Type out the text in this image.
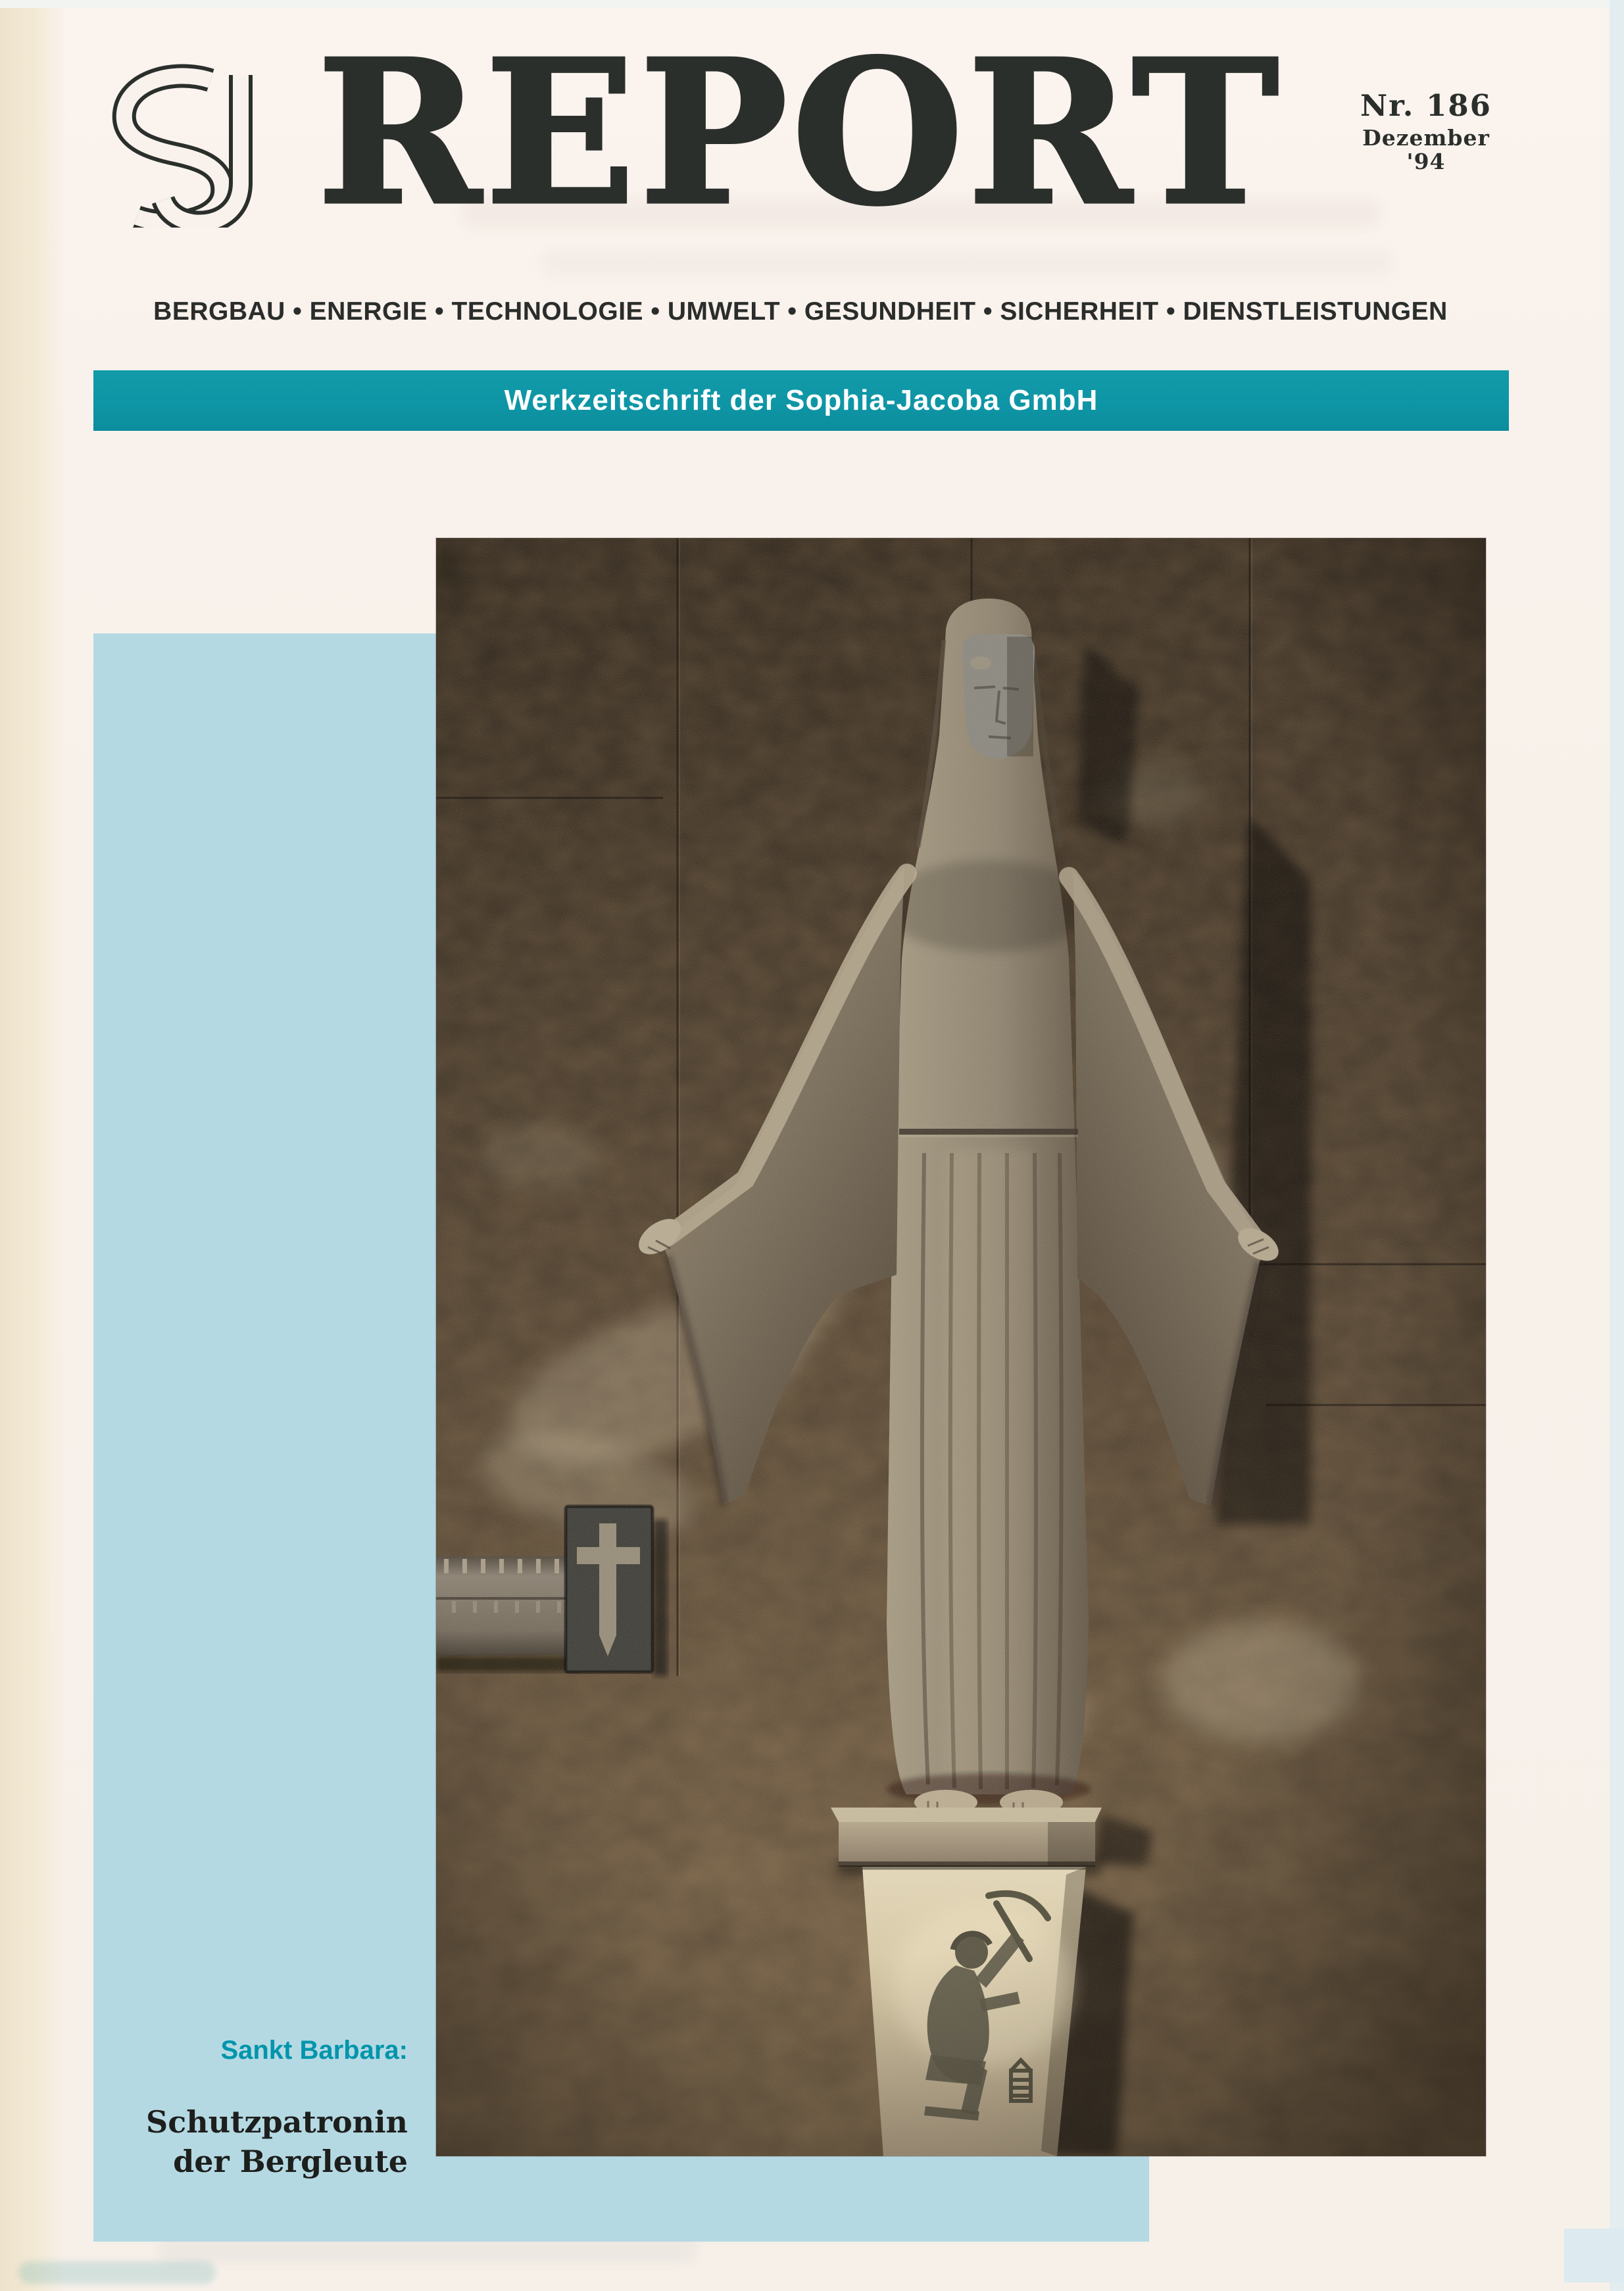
REPORT	Nr. 186
Dezember '94
BERGBAU • ENERGIE • TECHNOLOGIE • UMWELT • GESUNDHEIT • SICHERHEIT • DIENSTLEISTUNGEN
Werkzeitschrift der Sophia-Jacoba GmbH
Sankt Barbara:
Schutzpatronin
der Bergleute
